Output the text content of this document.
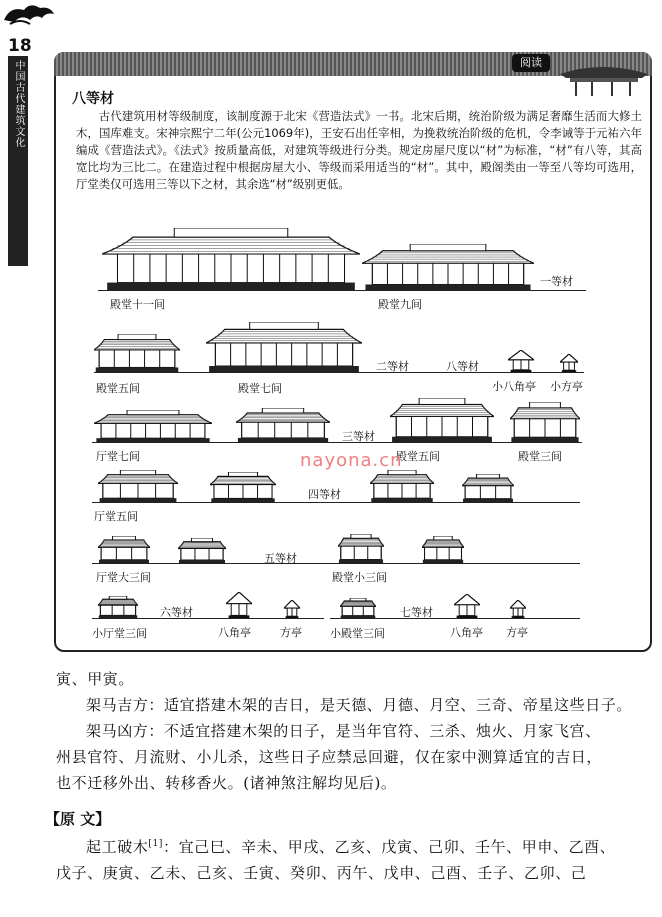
18
中国古代建筑文化	阅读
八等材
古代建筑用材等级制度，该制度源于北宋《营造法式》一书。北宋后期，统治阶级为满足奢靡生活而大修土木，国库难支。宋神宗熙宁二年(公元1069年)，王安石出任宰相，为挽救统治阶级的危机，令李诫等于元祐六年编成《营造法式》。《法式》按质量高低，对建筑等级进行分类。规定房屋尺度以“材”为标准，“材”有八等，其高宽比均为三比二。在建造过程中根据房屋大小、等级而采用适当的“材”。其中，殿阁类由一等至八等均可选用，厅堂类仅可选用三等以下之材，其余选“材”级别更低。
一等材
殿堂十一间	殿堂九间
二等材	八等材
殿堂五间	殿堂七间	小八角亭 小方亭
三等材
厅堂七间	殿堂五间	殿堂三间
四等材
厅堂五间
五等材
厅堂大三间	殿堂小三间
六等材	七等材
小厅堂三间	八角亭	方亭	小殿堂三间	八角亭 方亭
nayona.cn
寅、甲寅。
架马吉方：适宜搭建木架的吉日，是天德、月德、月空、三奇、帝星这些日子。
架马凶方：不适宜搭建木架的日子，是当年官符、三杀、烛火、月家飞宫、
州县官符、月流财、小儿杀，这些日子应禁忌回避，仅在家中测算适宜的吉日，
也不迁移外出、转移香火。(诸神煞注解均见后)。
【原 文】
起工破木[1]：宜己巳、辛未、甲戌、乙亥、戊寅、己卯、壬午、甲申、乙酉、
戊子、庚寅、乙未、己亥、壬寅、癸卯、丙午、戊申、己酉、壬子、乙卯、己
